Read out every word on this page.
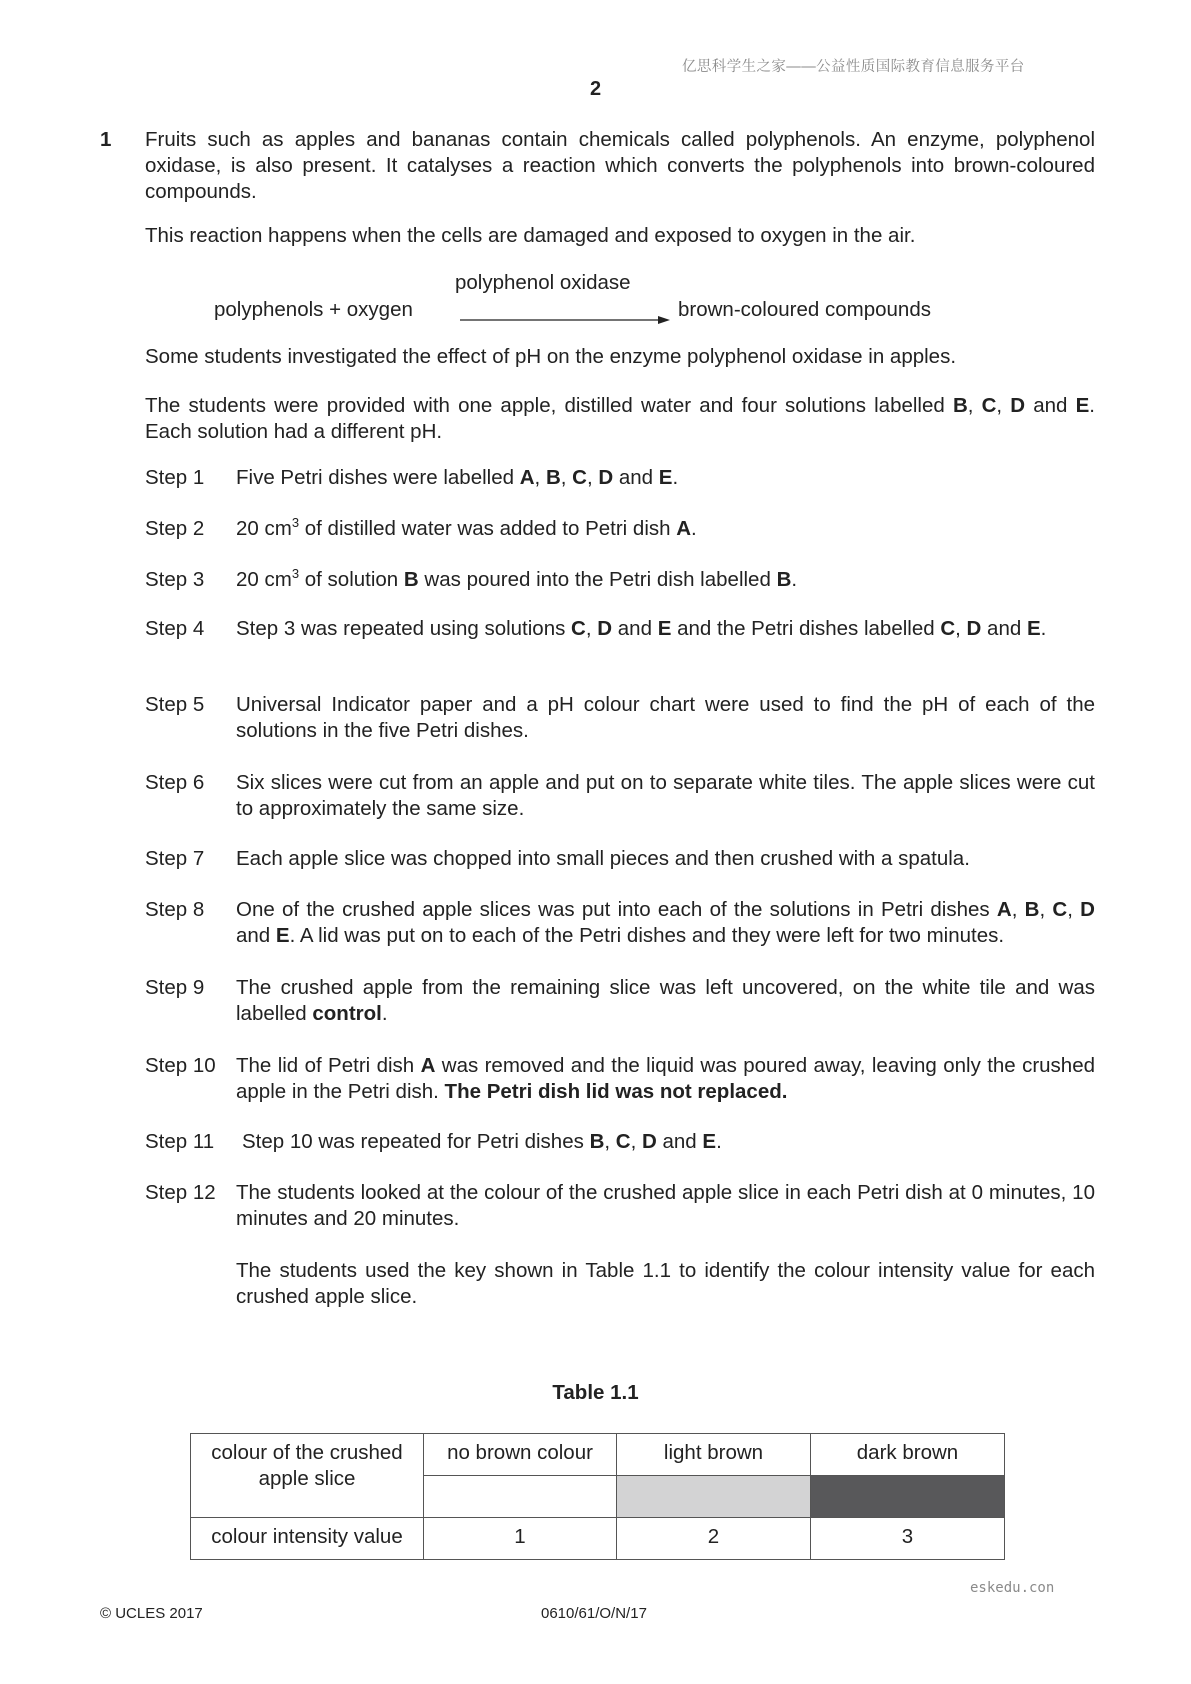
亿思科学生之家——公益性质国际教育信息服务平台
2
1 Fruits such as apples and bananas contain chemicals called polyphenols. An enzyme, polyphenol oxidase, is also present. It catalyses a reaction which converts the polyphenols into brown-coloured compounds.

This reaction happens when the cells are damaged and exposed to oxygen in the air.

polyphenol oxidase
polyphenols + oxygen	brown-coloured compounds

Some students investigated the effect of pH on the enzyme polyphenol oxidase in apples.

The students were provided with one apple, distilled water and four solutions labelled B, C, D and E. Each solution had a different pH.

Step 1 Five Petri dishes were labelled A, B, C, D and E.

Step 2 20 $cm^3$ of distilled water was added to Petri dish A.

Step 3 20 $cm^3$ of solution B was poured into the Petri dish labelled B.

Step 4 Step 3 was repeated using solutions C, D and E and the Petri dishes labelled C, D and E.

Step 5 Universal Indicator paper and a pH colour chart were used to find the pH of each of the solutions in the five Petri dishes.

Step 6 Six slices were cut from an apple and put on to separate white tiles. The apple slices were cut to approximately the same size.

Step 7 Each apple slice was chopped into small pieces and then crushed with a spatula.

Step 8 One of the crushed apple slices was put into each of the solutions in Petri dishes A, B, C, D and E. A lid was put on to each of the Petri dishes and they were left for two minutes.

Step 9 The crushed apple from the remaining slice was left uncovered, on the white tile and was labelled control.

Step 10 The lid of Petri dish A was removed and the liquid was poured away, leaving only the crushed apple in the Petri dish. The Petri dish lid was not replaced.

Step 11 Step 10 was repeated for Petri dishes B, C, D and E.

Step 12 The students looked at the colour of the crushed apple slice in each Petri dish at 0 minutes, 10 minutes and 20 minutes.

The students used the key shown in Table 1.1 to identify the colour intensity value for each crushed apple slice.

Table 1.1
colour of the crushed apple slice	no brown colour	light brown	dark brown

colour intensity value	1	2	3
eskedu.con
© UCLES 2017	0610/61/O/N/17
